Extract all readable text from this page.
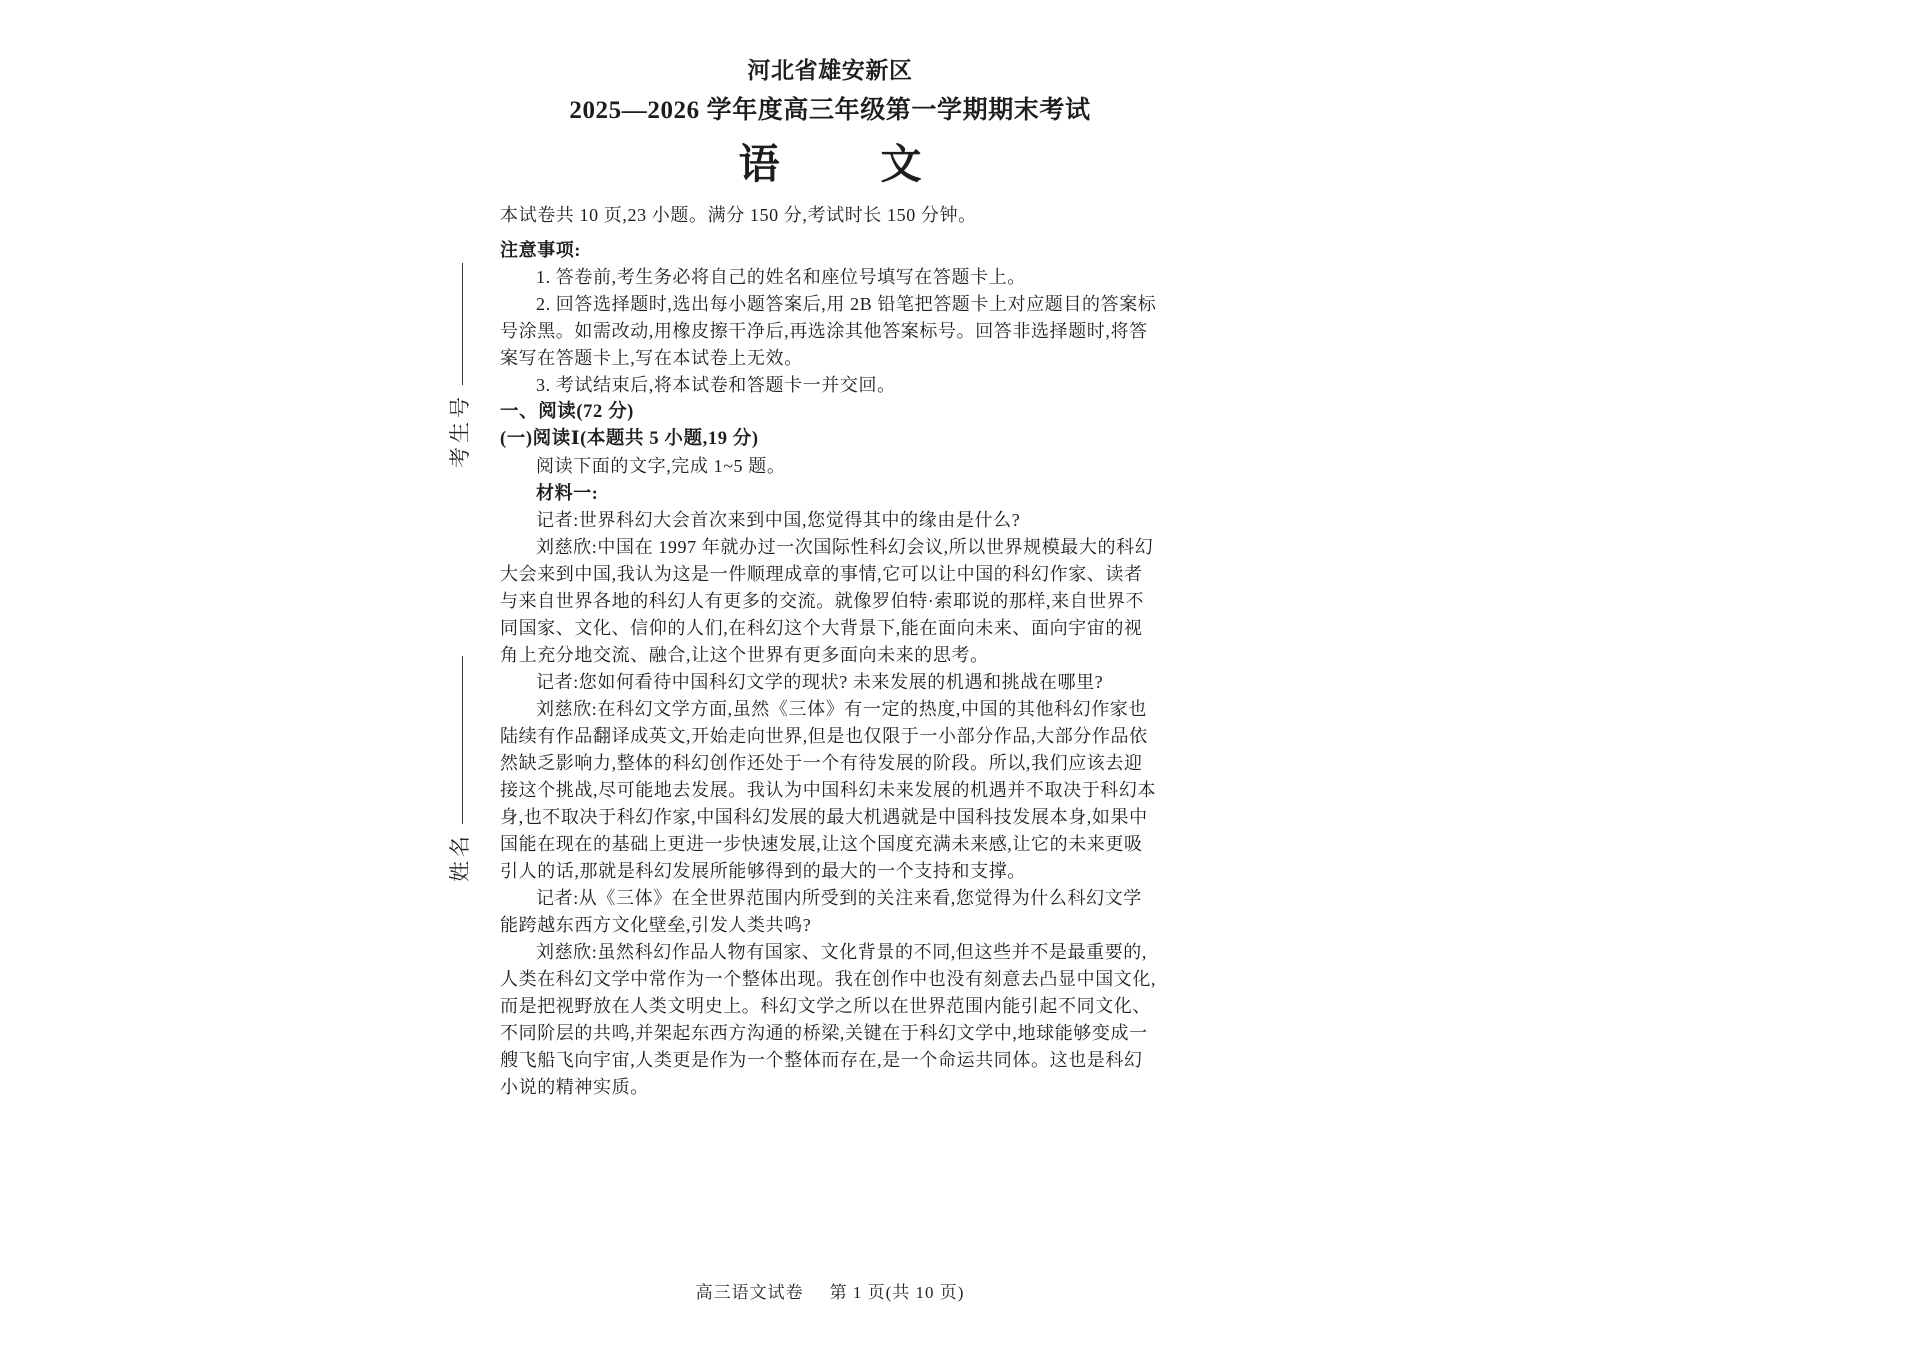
考生号
姓名
河北省雄安新区
2025—2026 学年度高三年级第一学期期末考试
语　文
本试卷共 10 页,23 小题。满分 150 分,考试时长 150 分钟。
注意事项:
1. 答卷前,考生务必将自己的姓名和座位号填写在答题卡上。
2. 回答选择题时,选出每小题答案后,用 2B 铅笔把答题卡上对应题目的答案标号涂黑。如需改动,用橡皮擦干净后,再选涂其他答案标号。回答非选择题时,将答案写在答题卡上,写在本试卷上无效。
3. 考试结束后,将本试卷和答题卡一并交回。
一、阅读(72 分)
(一)阅读Ⅰ(本题共 5 小题,19 分)
阅读下面的文字,完成 1~5 题。
材料一:
记者:世界科幻大会首次来到中国,您觉得其中的缘由是什么?
刘慈欣:中国在 1997 年就办过一次国际性科幻会议,所以世界规模最大的科幻大会来到中国,我认为这是一件顺理成章的事情,它可以让中国的科幻作家、读者与来自世界各地的科幻人有更多的交流。就像罗伯特·索耶说的那样,来自世界不同国家、文化、信仰的人们,在科幻这个大背景下,能在面向未来、面向宇宙的视角上充分地交流、融合,让这个世界有更多面向未来的思考。
记者:您如何看待中国科幻文学的现状? 未来发展的机遇和挑战在哪里?
刘慈欣:在科幻文学方面,虽然《三体》有一定的热度,中国的其他科幻作家也陆续有作品翻译成英文,开始走向世界,但是也仅限于一小部分作品,大部分作品依然缺乏影响力,整体的科幻创作还处于一个有待发展的阶段。所以,我们应该去迎接这个挑战,尽可能地去发展。我认为中国科幻未来发展的机遇并不取决于科幻本身,也不取决于科幻作家,中国科幻发展的最大机遇就是中国科技发展本身,如果中国能在现在的基础上更进一步快速发展,让这个国度充满未来感,让它的未来更吸引人的话,那就是科幻发展所能够得到的最大的一个支持和支撑。
记者:从《三体》在全世界范围内所受到的关注来看,您觉得为什么科幻文学能跨越东西方文化壁垒,引发人类共鸣?
刘慈欣:虽然科幻作品人物有国家、文化背景的不同,但这些并不是最重要的,人类在科幻文学中常作为一个整体出现。我在创作中也没有刻意去凸显中国文化,而是把视野放在人类文明史上。科幻文学之所以在世界范围内能引起不同文化、不同阶层的共鸣,并架起东西方沟通的桥梁,关键在于科幻文学中,地球能够变成一艘飞船飞向宇宙,人类更是作为一个整体而存在,是一个命运共同体。这也是科幻小说的精神实质。
高三语文试卷 第 1 页(共 10 页)
